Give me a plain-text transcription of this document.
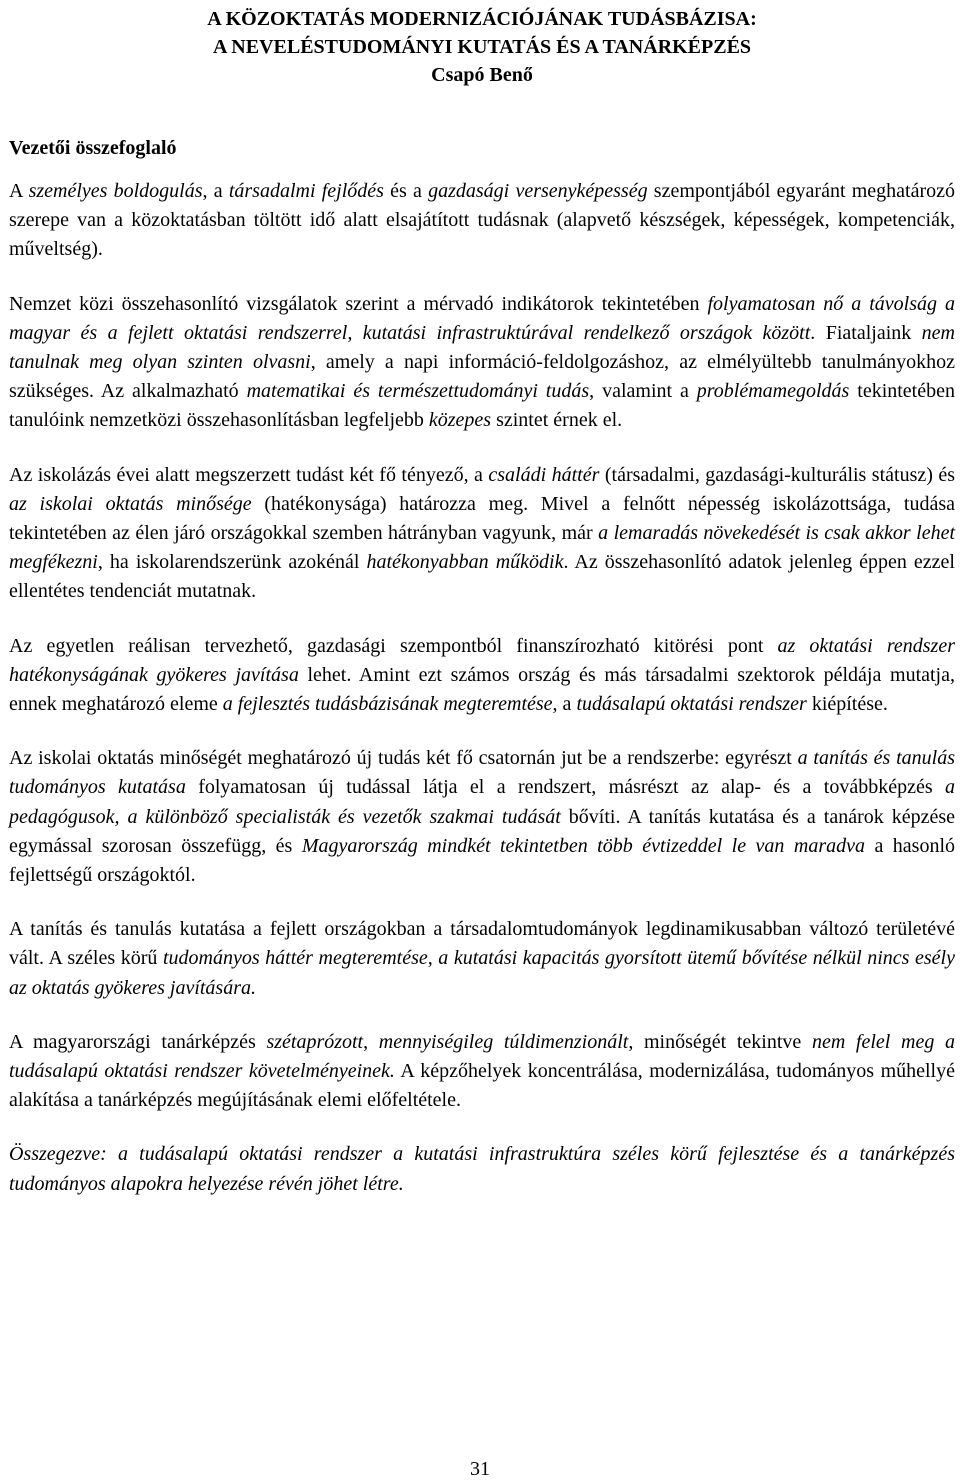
A KÖZOKTATÁS MODERNIZÁCIÓJÁNAK TUDÁSBÁZISA:
A NEVELÉSTUDOMÁNYI KUTATÁS ÉS A TANÁRKÉPZÉS
Csapó Benő
Vezetői összefoglaló

A személyes boldogulás, a társadalmi fejlődés és a gazdasági versenyképesség szempontjából egyaránt meghatározó szerepe van a közoktatásban töltött idő alatt elsajátított tudásnak (alapvető készségek, képességek, kompetenciák, műveltség).

Nemzet közi összehasonlító vizsgálatok szerint a mérvadó indikátorok tekintetében folyamatosan nő a távolság a magyar és a fejlett oktatási rendszerrel, kutatási infrastruktúrával rendelkező országok között. Fiataljaink nem tanulnak meg olyan szinten olvasni, amely a napi információ-feldolgozáshoz, az elmélyültebb tanulmányokhoz szükséges. Az alkalmazható matematikai és természettudományi tudás, valamint a problémamegoldás tekintetében tanulóink nemzetközi összehasonlításban legfeljebb közepes szintet érnek el.

Az iskolázás évei alatt megszerzett tudást két fő tényező, a családi háttér (társadalmi, gazdasági-kulturális státusz) és az iskolai oktatás minősége (hatékonysága) határozza meg. Mivel a felnőtt népesség iskolázottsága, tudása tekintetében az élen járó országokkal szemben hátrányban vagyunk, már a lemaradás növekedését is csak akkor lehet megfékezni, ha iskolarendszerünk azokénál hatékonyabban működik. Az összehasonlító adatok jelenleg éppen ezzel ellentétes tendenciát mutatnak.

Az egyetlen reálisan tervezhető, gazdasági szempontból finanszírozható kitörési pont az oktatási rendszer hatékonyságának gyökeres javítása lehet. Amint ezt számos ország és más társadalmi szektorok példája mutatja, ennek meghatározó eleme a fejlesztés tudásbázisának megteremtése, a tudásalapú oktatási rendszer kiépítése.

Az iskolai oktatás minőségét meghatározó új tudás két fő csatornán jut be a rendszerbe: egyrészt a tanítás és tanulás tudományos kutatása folyamatosan új tudással látja el a rendszert, másrészt az alap- és a továbbképzés a pedagógusok, a különböző specialisták és vezetők szakmai tudását bővíti. A tanítás kutatása és a tanárok képzése egymással szorosan összefügg, és Magyarország mindkét tekintetben több évtizeddel le van maradva a hasonló fejlettségű országoktól.

A tanítás és tanulás kutatása a fejlett országokban a társadalomtudományok legdinamikusabban változó területévé vált. A széles körű tudományos háttér megteremtése, a kutatási kapacitás gyorsított ütemű bővítése nélkül nincs esély az oktatás gyökeres javítására.

A magyarországi tanárképzés szétaprózott, mennyiségileg túldimenzionált, minőségét tekintve nem felel meg a tudásalapú oktatási rendszer követelményeinek. A képzőhelyek koncentrálása, modernizálása, tudományos műhellyé alakítása a tanárképzés megújításának elemi előfeltétele.

Összegezve: a tudásalapú oktatási rendszer a kutatási infrastruktúra széles körű fejlesztése és a tanárképzés tudományos alapokra helyezése révén jöhet létre.

31
